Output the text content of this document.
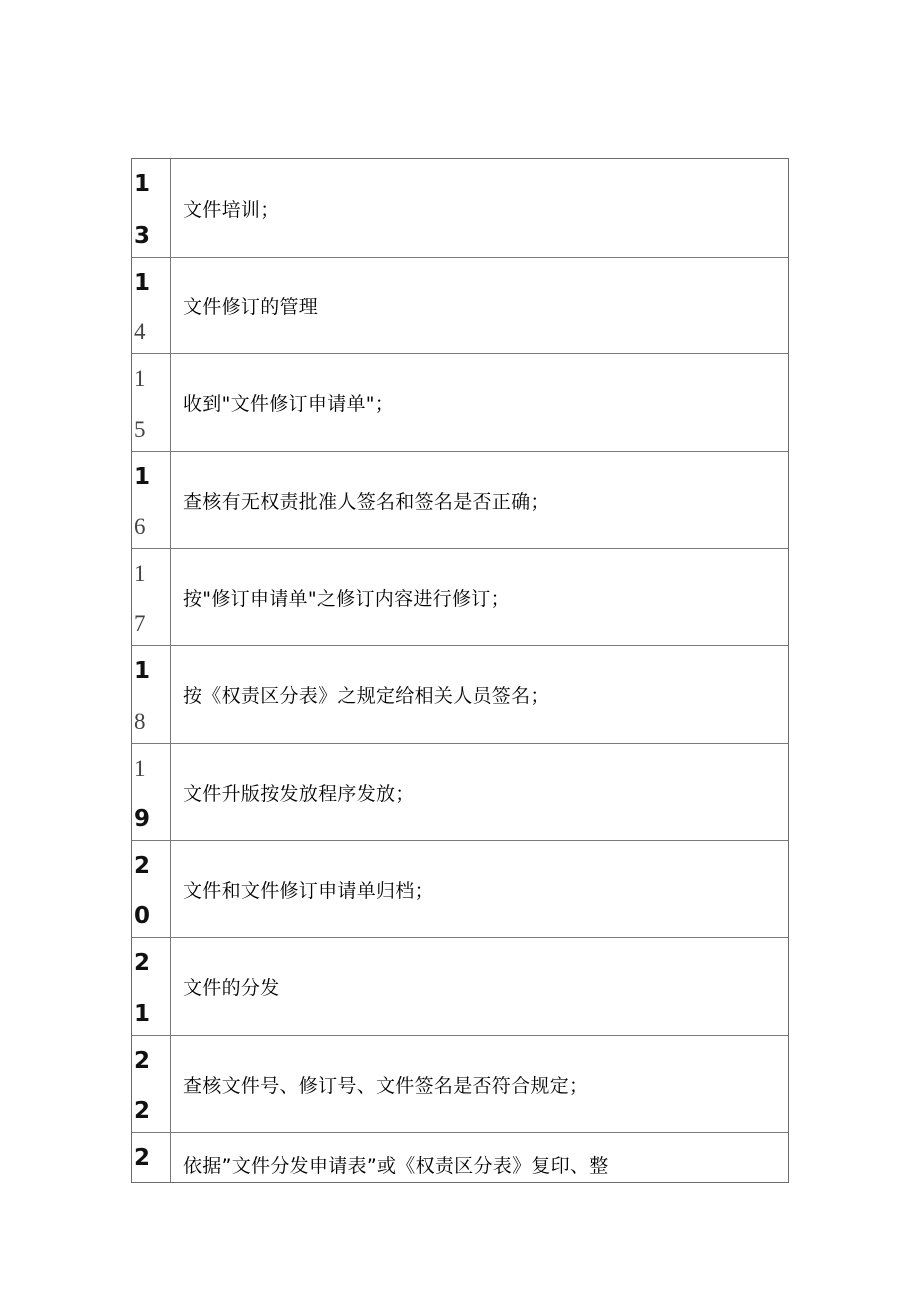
1
3
文件培训；
1
4
文件修订的管理
1
5
收到"文件修订申请单"；
1
6
查核有无权责批准人签名和签名是否正确；
1
7
按"修订申请单"之修订内容进行修订；
1
8
按《权责区分表》之规定给相关人员签名；
1
9
文件升版按发放程序发放；
2
0
文件和文件修订申请单归档；
2
1
文件的分发
2
2
查核文件号、修订号、文件签名是否符合规定；
2	依据”文件分发申请表”或《权责区分表》复印、整
